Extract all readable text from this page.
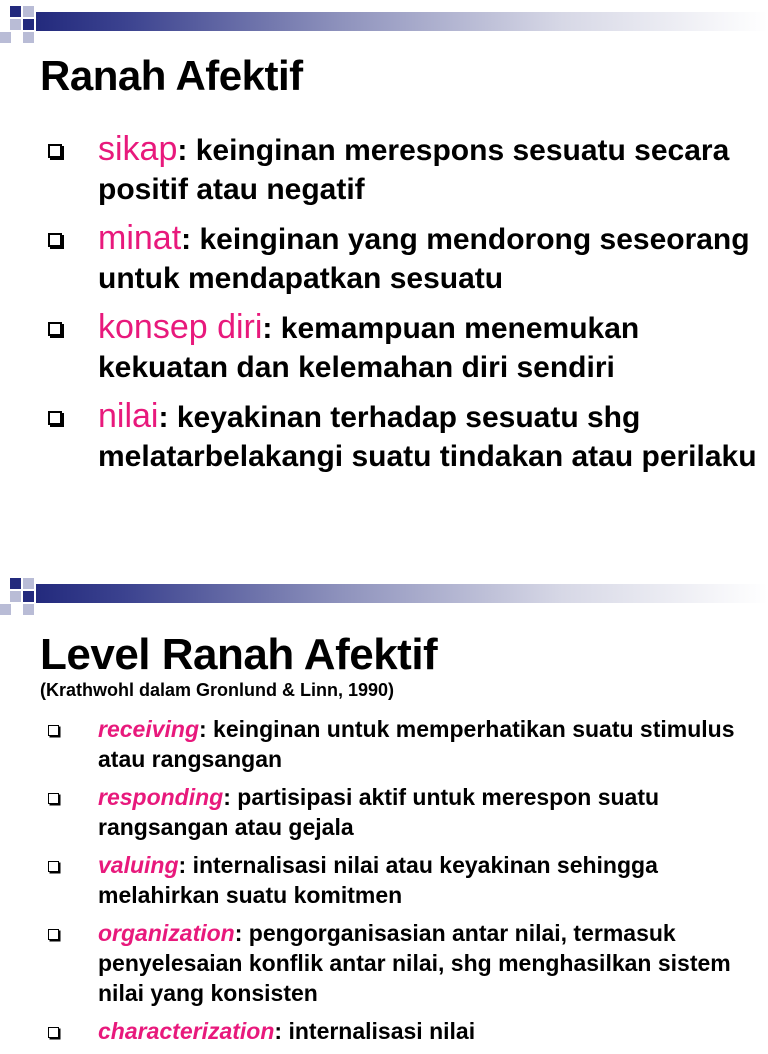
Ranah Afektif
sikap: keinginan merespons sesuatu secara positif atau negatif
minat: keinginan yang mendorong seseorang untuk mendapatkan sesuatu
konsep diri: kemampuan menemukan kekuatan dan kelemahan diri sendiri
nilai: keyakinan terhadap sesuatu shg melatarbelakangi suatu tindakan atau perilaku
Level Ranah Afektif

(Krathwohl dalam Gronlund & Linn, 1990)

receiving: keinginan untuk memperhatikan suatu stimulus atau rangsangan
responding: partisipasi aktif untuk merespon suatu rangsangan atau gejala
valuing: internalisasi nilai atau keyakinan sehingga melahirkan suatu komitmen
organization: pengorganisasian antar nilai, termasuk penyelesaian konflik antar nilai, shg menghasilkan sistem nilai yang konsisten
characterization: internalisasi nilai
